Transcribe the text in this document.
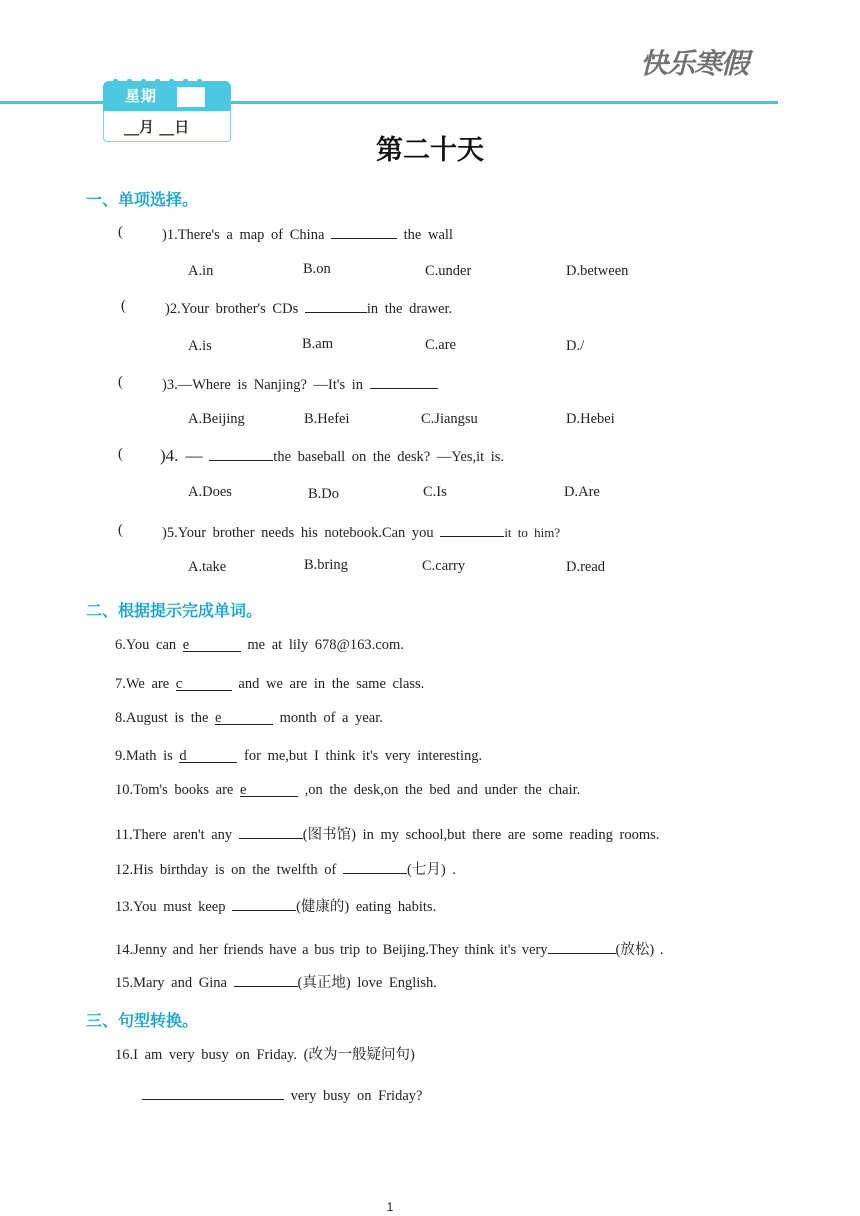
星期
__月 __日
快乐寒假
第二十天
一、单项选择。
(	)1.There's a map of China	the wall
A.in	B.on	C.under	D.between
(	)2.Your brother's CDs	in the drawer.
A.is	B.am	C.are	D./
(	)3.—Where is Nanjing? —It's in
A.Beijing	B.Hefei	C.Jiangsu	D.Hebei
( )4. —	the baseball on the desk? —Yes,it is.
A.Does	B.Do	C.Is	D.Are
(	)5.Your brother needs his notebook.Can you	it to him?
A.take	B.bring	C.carry	D.read
二、根据提示完成单词。
6.You can e	me at lily 678@163.com.
7.We are c	and we are in the same class.
8.August is the e	month of a year.
9.Math is d	for me,but I think it's very interesting.
10.Tom's books are e	,on the desk,on the bed and under the chair.
11.There aren't any	(图书馆) in my school,but there are some reading rooms.
12.His birthday is on the twelfth of	(七月) .
13.You must keep	(健康的) eating habits.
14.Jenny and her friends have a bus trip to Beijing.They think it's very	(放松) .
15.Mary and Gina	(真正地) love English.
三、句型转换。
16.I am very busy on Friday. (改为一般疑问句)
very busy on Friday?
1
